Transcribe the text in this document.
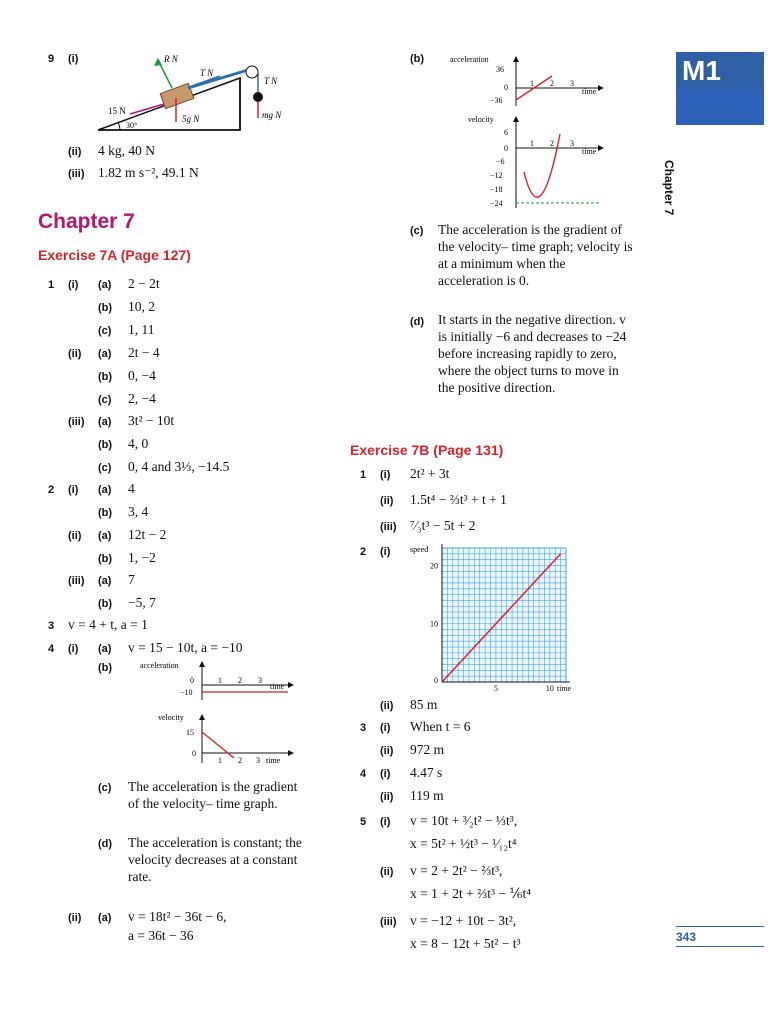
M1
Chapter 7
343
9 (i)	R N
T N
T N
15 N
5g N	mg N
30°
(ii) 4 kg, 40 N
(iii) 1.82 m s⁻², 49.1 N
Chapter 7
Exercise 7A (Page 127)
1 (i) (a) 2 − 2t
(b) 10, 2
(c) 1, 11
(ii) (a) 2t − 4
(b) 0, −4
(c) 2, −4
(iii) (a) 3t² − 10t
(b) 4, 0
(c) 0, 4 and 3⅓, −14.5
2 (i) (a) 4
(b) 3, 4
(ii) (a) 12t − 2
(b) 1, −2
(iii) (a) 7
(b) −5, 7
3 v = 4 + t, a = 1
4 (i) (a) v = 15 − 10t, a = −10
(b)	acceleration
0
−10
1 2 3
time
velocity
15
0
1 2 3 time
(c) The acceleration is the gradient of the velocity– time graph.
(d) The acceleration is constant; the velocity decreases at a constant rate.
(ii) (a) v = 18t² − 36t − 6,
a = 36t − 36
(b)	acceleration
36
0
−36
1 2 3
time
velocity
6
0
−6
−12
−18
−24
1 2 3
time
(c) The acceleration is the gradient of the velocity– time graph; velocity is at a minimum when the acceleration is 0.
(d) It starts in the negative direction. v is initially −6 and decreases to −24 before increasing rapidly to zero, where the object turns to move in the positive direction.
Exercise 7B (Page 131)
1 (i) 2t² + 3t
(ii) 1.5t⁴ − ⅔t³ + t + 1
(iii) ⁷⁄₃t³ − 5t + 2
(ii) 85 m
3 (i) When t = 6
(ii) 972 m
4 (i) 4.47 s
(ii) 119 m
5 (i) v = 10t + ³⁄₂t² − ⅓t³,
x = 5t² + ½t³ − ¹⁄₁₂t⁴
(ii) v = 2 + 2t² − ⅔t³,
x = 1 + 2t + ⅔t³ − ⅙t⁴
(iii) v = −12 + 10t − 3t²,
x = 8 − 12t + 5t² − t³
2 (i) speed
20
10
0
5	10 time
